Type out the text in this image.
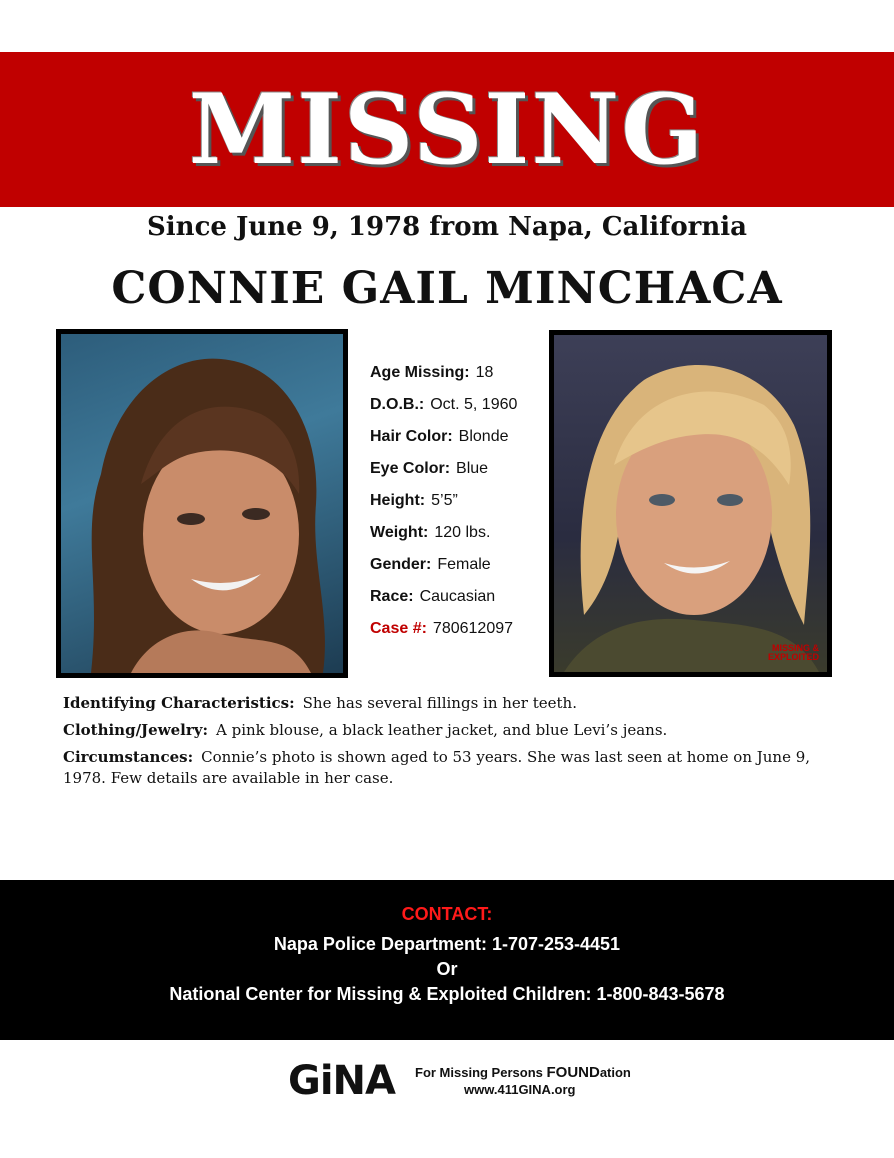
MISSING
Since June 9, 1978 from Napa, California
CONNIE GAIL MINCHACA
MISSING &
EXPLOITED
Age Missing: 18
D.O.B.: Oct. 5, 1960
Hair Color: Blonde
Eye Color: Blue
Height: 5’5”
Weight: 120 lbs.
Gender: Female
Race: Caucasian
Case #: 780612097

Identifying Characteristics: She has several fillings in her teeth.

Clothing/Jewelry: A pink blouse, a black leather jacket, and blue Levi’s jeans.

Circumstances: Connie’s photo is shown aged to 53 years. She was last seen at home on June 9, 1978. Few details are available in her case.

CONTACT:
Napa Police Department: 1-707-253-4451
Or
National Center for Missing & Exploited Children: 1-800-843-5678
GiNA For Missing Persons FOUNDation
www.411GINA.org
